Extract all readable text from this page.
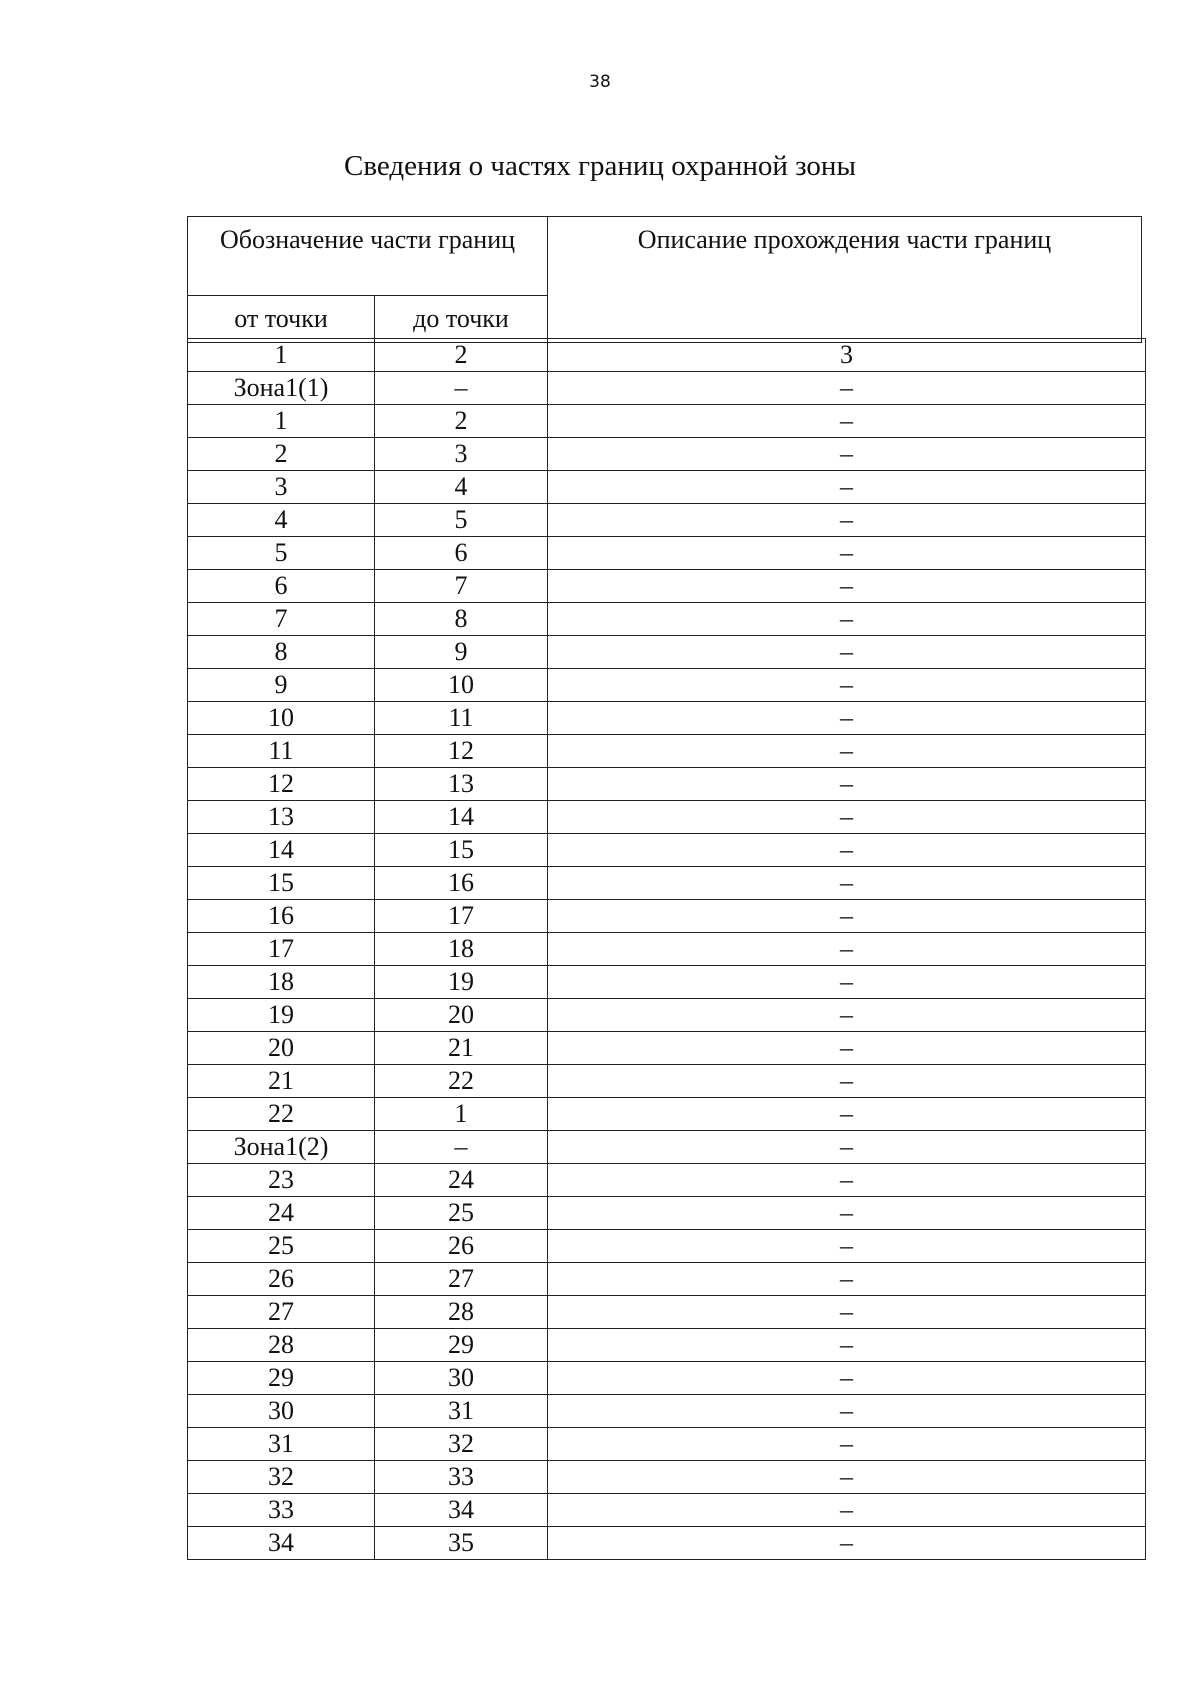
38
Сведения о частях границ охранной зоны
Обозначение части границ		Описание прохождения части границ
от точки	до точки	
1	2	3
Зона1(1)	–	–
1	2	–
2	3	–
3	4	–
4	5	–
5	6	–
6	7	–
7	8	–
8	9	–
9	10	–
10	11	–
11	12	–
12	13	–
13	14	–
14	15	–
15	16	–
16	17	–
17	18	–
18	19	–
19	20	–
20	21	–
21	22	–
22	1	–
Зона1(2)	–	–
23	24	–
24	25	–
25	26	–
26	27	–
27	28	–
28	29	–
29	30	–
30	31	–
31	32	–
32	33	–
33	34	–
34	35	–
